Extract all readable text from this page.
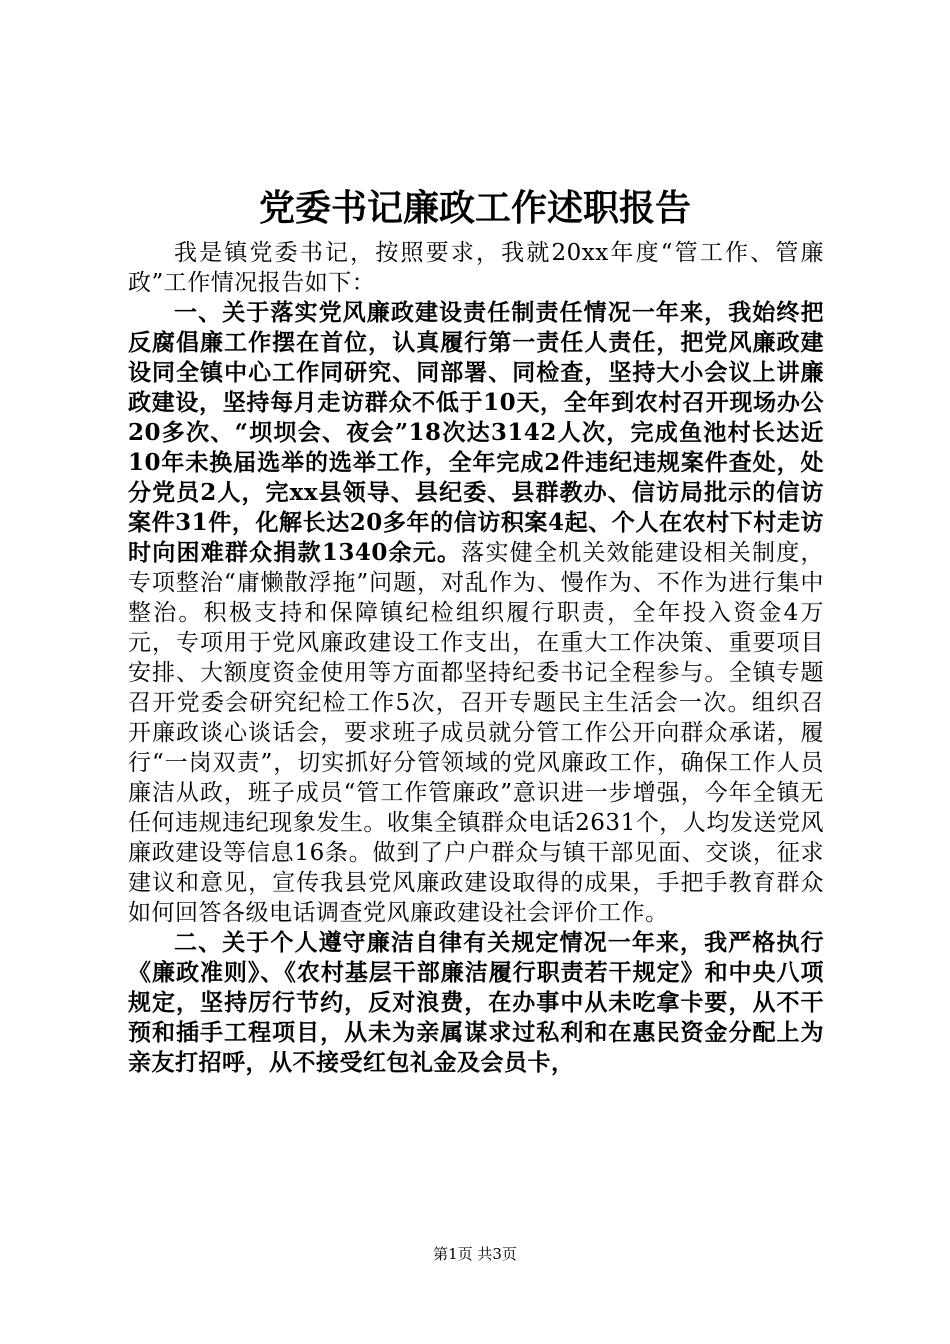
党委书记廉政工作述职报告

我是镇党委书记，按照要求，我就20xx年度“管工作、管廉政”工作情况报告如下：

一、关于落实党风廉政建设责任制责任情况一年来，我始终把反腐倡廉工作摆在首位，认真履行第一责任人责任，把党风廉政建设同全镇中心工作同研究、同部署、同检查，坚持大小会议上讲廉政建设，坚持每月走访群众不低于10天，全年到农村召开现场办公20多次、“坝坝会、夜会”18次达3142人次，完成鱼池村长达近10年未换届选举的选举工作，全年完成2件违纪违规案件查处，处分党员2人，完xx县领导、县纪委、县群教办、信访局批示的信访案件31件，化解长达20多年的信访积案4起、个人在农村下村走访时向困难群众捐款1340余元。落实健全机关效能建设相关制度，专项整治“庸懒散浮拖”问题，对乱作为、慢作为、不作为进行集中整治。积极支持和保障镇纪检组织履行职责，全年投入资金4万元，专项用于党风廉政建设工作支出，在重大工作决策、重要项目安排、大额度资金使用等方面都坚持纪委书记全程参与。全镇专题召开党委会研究纪检工作5次，召开专题民主生活会一次。组织召开廉政谈心谈话会，要求班子成员就分管工作公开向群众承诺，履行“一岗双责”，切实抓好分管领域的党风廉政工作，确保工作人员廉洁从政，班子成员“管工作管廉政”意识进一步增强，今年全镇无任何违规违纪现象发生。收集全镇群众电话2631个，人均发送党风廉政建设等信息16条。做到了户户群众与镇干部见面、交谈，征求建议和意见，宣传我县党风廉政建设取得的成果，手把手教育群众如何回答各级电话调查党风廉政建设社会评价工作。

二、关于个人遵守廉洁自律有关规定情况一年来，我严格执行《廉政准则》、《农村基层干部廉洁履行职责若干规定》和中央八项规定，坚持厉行节约，反对浪费，在办事中从未吃拿卡要，从不干预和插手工程项目，从未为亲属谋求过私利和在惠民资金分配上为亲友打招呼，从不接受红包礼金及会员卡，

第1页 共3页
